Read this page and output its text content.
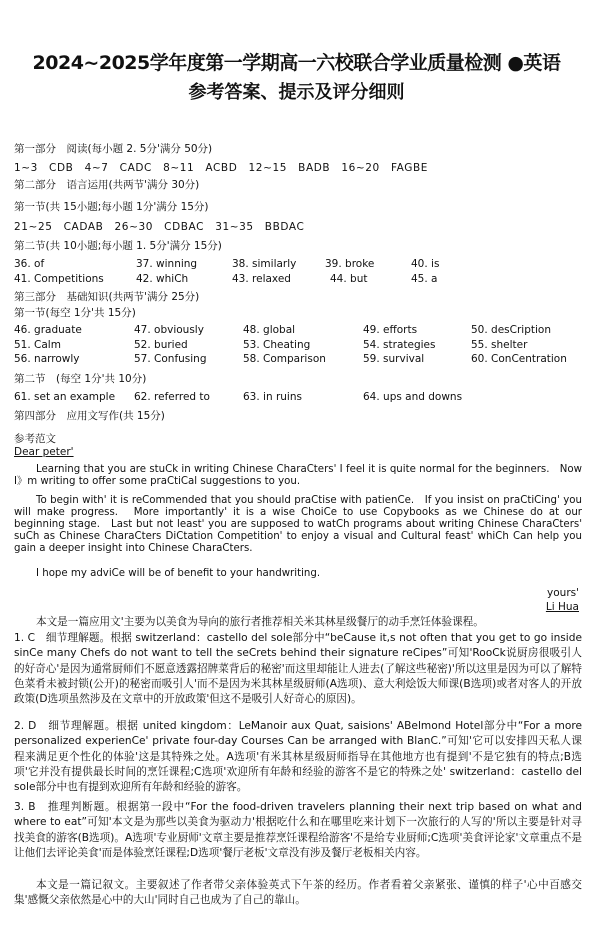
2024~2025学年度第一学期高一六校联合学业质量检测 ●英语
参考答案、提示及评分细则
第一部分　阅读(每小题 2. 5分'满分 50分)
1~3　CDB　4~7　CADC　8~11　ACBD　12~15　BADB　16~20　FAGBE
第二部分　语言运用(共两节'满分 30分)
第一节(共 15小题;每小题 1分'满分 15分)
21~25　CADAB　26~30　CDBAC　31~35　BBDAC
第二节(共 10小题;每小题 1. 5分'满分 15分)
36. of	37. winning	38. similarly	39. broke	40. is
41. Competitions	42. whiCh	43. relaxed	44. but	45. a
第三部分　基础知识(共两节'满分 25分)
第一节(每空 1分'共 15分)
46. graduate	47. obviously	48. global	49. efforts	50. desCription
51. Calm	52. buried	53. Cheating	54. strategies	55. shelter
56. narrowly	57. Confusing	58. Comparison	59. survival	60. ConCentration
第二节　(每空 1分'共 10分)
61. set an example 62. referred to	63. in ruins	64. ups and downs
第四部分　应用文写作(共 15分)
参考范文
Dear peter'
Learning that you are stuCk in writing Chinese CharaCters' I feel it is quite normal for the beginners.　Now I》m writing to offer some praCtiCal suggestions to you.
To begin with' it is reCommended that you should praCtise with patienCe.　If you insist on praCtiCing' you will make progress.　More importantly' it is a wise ChoiCe to use Copybooks as we Chinese do at our beginning stage.　Last but not least' you are supposed to watCh programs about writing Chinese CharaCters' suCh as Chinese CharaCters DiCtation Competition' to enjoy a visual and Cultural feast' whiCh Can help you gain a deeper insight into Chinese CharaCters.
I hope my adviCe will be of benefit to your handwriting.
yours'
Li Hua
本文是一篇应用文'主要为以美食为导向的旅行者推荐相关米其林星级餐厅的动手烹饪体验课程。
1. C　细节理解题。根据 switzerland：castello del sole部分中“beCause it,s not often that you get to go inside sinCe many Chefs do not want to tell the seCrets behind their signature reCipes”可知'RooCk说厨房很吸引人的好奇心'是因为通常厨师们不愿意透露招牌菜背后的秘密'而这里却能让人进去(了解这些秘密)'所以这里是因为可以了解特色菜肴未被封锁(公开)的秘密而吸引人'而不是因为米其林星级厨师(A选项)、意大利烩饭大师课(B选项)或者对客人的开放政策(D选项虽然涉及在文章中的开放政策'但这不是吸引人好奇心的原因)。
2. D　细节理解题。根据 united kingdom：LeManoir aux Quat, saisions' ABelmond Hotel部分中“For a more personalized experienCe' private four-day Courses Can be arranged with BlanC.”可知'它可以安排四天私人课程来满足更个性化的体验'这是其特殊之处。A选项'有米其林星级厨师指导在其他地方也有提到'不是它独有的特点;B选项'它并没有提供最长时间的烹饪课程;C选项'欢迎所有年龄和经验的游客不是它的特殊之处' switzerland：castello del sole部分中也有提到欢迎所有年龄和经验的游客。
3. B　推理判断题。根据第一段中“For the food-driven travelers planning their next trip based on what and where to eat”可知'本文是为那些以美食为驱动力'根据吃什么和在哪里吃来计划下一次旅行的人写的'所以主要是针对寻找美食的游客(B选项)。A选项'专业厨师'文章主要是推荐烹饪课程给游客'不是给专业厨师;C选项'美食评论家'文章重点不是让他们去评论美食'而是体验烹饪课程;D选项'餐厅老板'文章没有涉及餐厅老板相关内容。
本文是一篇记叙文。主要叙述了作者带父亲体验英式下午茶的经历。作者看着父亲紧张、谨慎的样子'心中百感交集'感慨父亲依然是心中的大山'同时自己也成为了自己的靠山。
